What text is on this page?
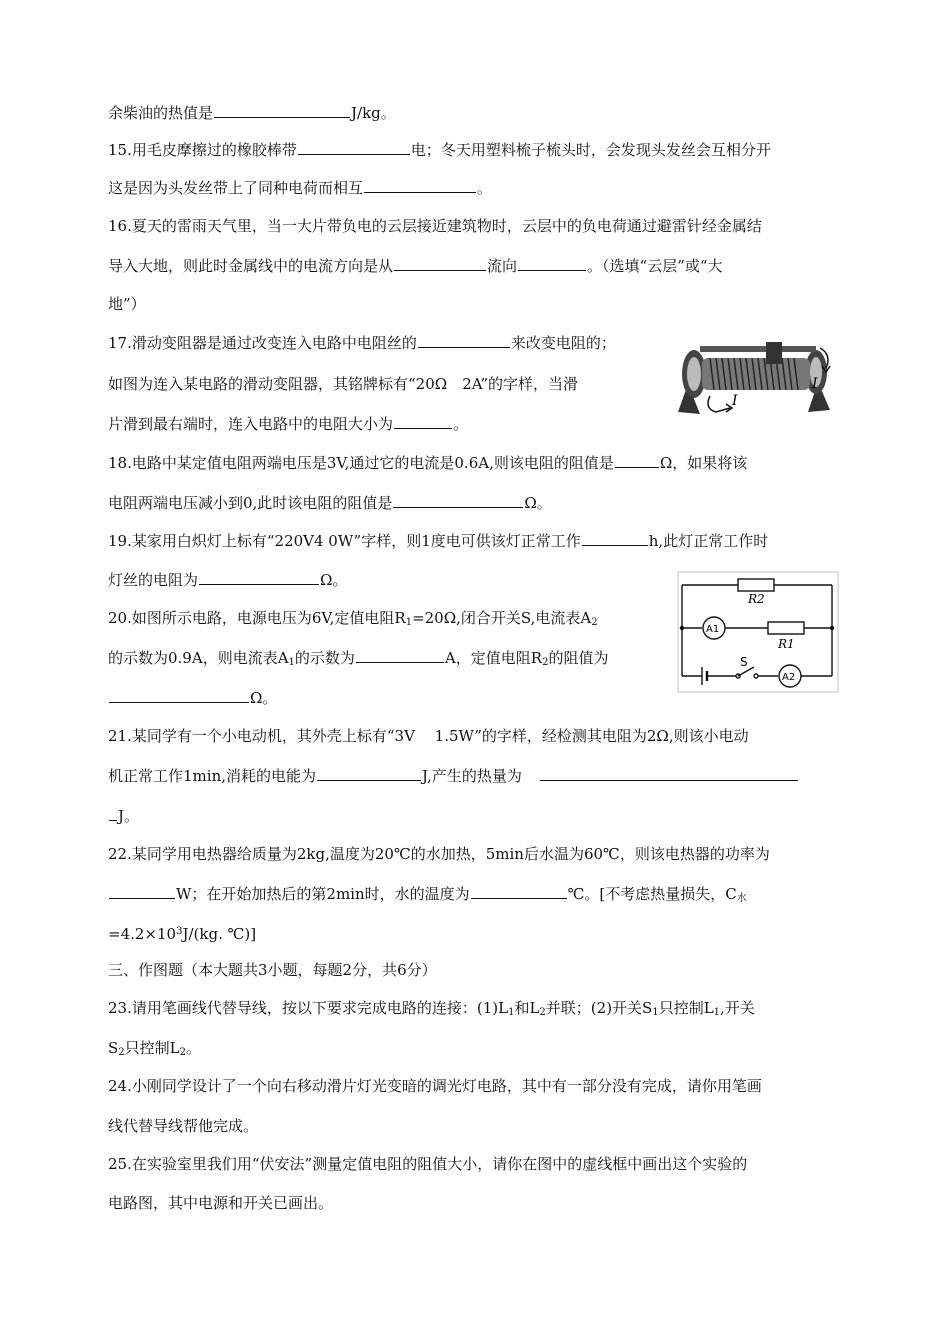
余柴油的热值是	J/kg。
15.用毛皮摩擦过的橡胶棒带	电；冬天用塑料梳子梳头时，会发现头发丝会互相分开
这是因为头发丝带上了同种电荷而相互	。
16.夏天的雷雨天气里，当一大片带负电的云层接近建筑物时，云层中的负电荷通过避雷针经金属结
导入大地，则此时金属线中的电流方向是从	流向	。（选填“云层”或“大
地”）
17.滑动变阻器是通过改变连入电路中电阻丝的	来改变电阻的；
如图为连入某电路的滑动变阻器，其铭牌标有“20Ω　2A”的字样，当滑
片滑到最右端时，连入电路中的电阻大小为	。
I
I
18.电路中某定值电阻两端电压是3V,通过它的电流是0.6A,则该电阻的阻值是	Ω，如果将该
电阻两端电压减小到0,此时该电阻的阻值是	Ω。
19.某家用白炽灯上标有“220V4 0W”字样，则1度电可供该灯正常工作	h,此灯正常工作时
灯丝的电阻为	Ω。
20.如图所示电路，电源电压为6V,定值电阻$R_1=20\Omega$,闭合开关S,电流表$A_2$
的示数为0.9A，则电流表$A_1$的示数为	A，定值电阻$R_2$的阻值为
Ω。
R2
R1
A1
A2
S
21.某同学有一个小电动机，其外壳上标有“3V　 1.5W”的字样，经检测其电阻为2Ω,则该小电动
机正常工作1min,消耗的电能为	J,产生的热量为
J。
22.某同学用电热器给质量为2kg,温度为20℃的水加热，5min后水温为60℃，则该电热器的功率为
W；在开始加热后的第2min时，水的温度为	℃。[不考虑热量损失，$C_水$
$=4.2\times 10^3J/(kg$. ℃)]
三、作图题（本大题共3小题，每题2分，共6分）
23.请用笔画线代替导线，按以下要求完成电路的连接：$(1)L_1$和$L_2$并联；(2)开关$S_1$只控制$L_1$,开关
$S_2$只控制$L_2$。
24.小刚同学设计了一个向右移动滑片灯光变暗的调光灯电路，其中有一部分没有完成，请你用笔画
线代替导线帮他完成。
25.在实验室里我们用“伏安法”测量定值电阻的阻值大小，请你在图中的虚线框中画出这个实验的
电路图，其中电源和开关已画出。
